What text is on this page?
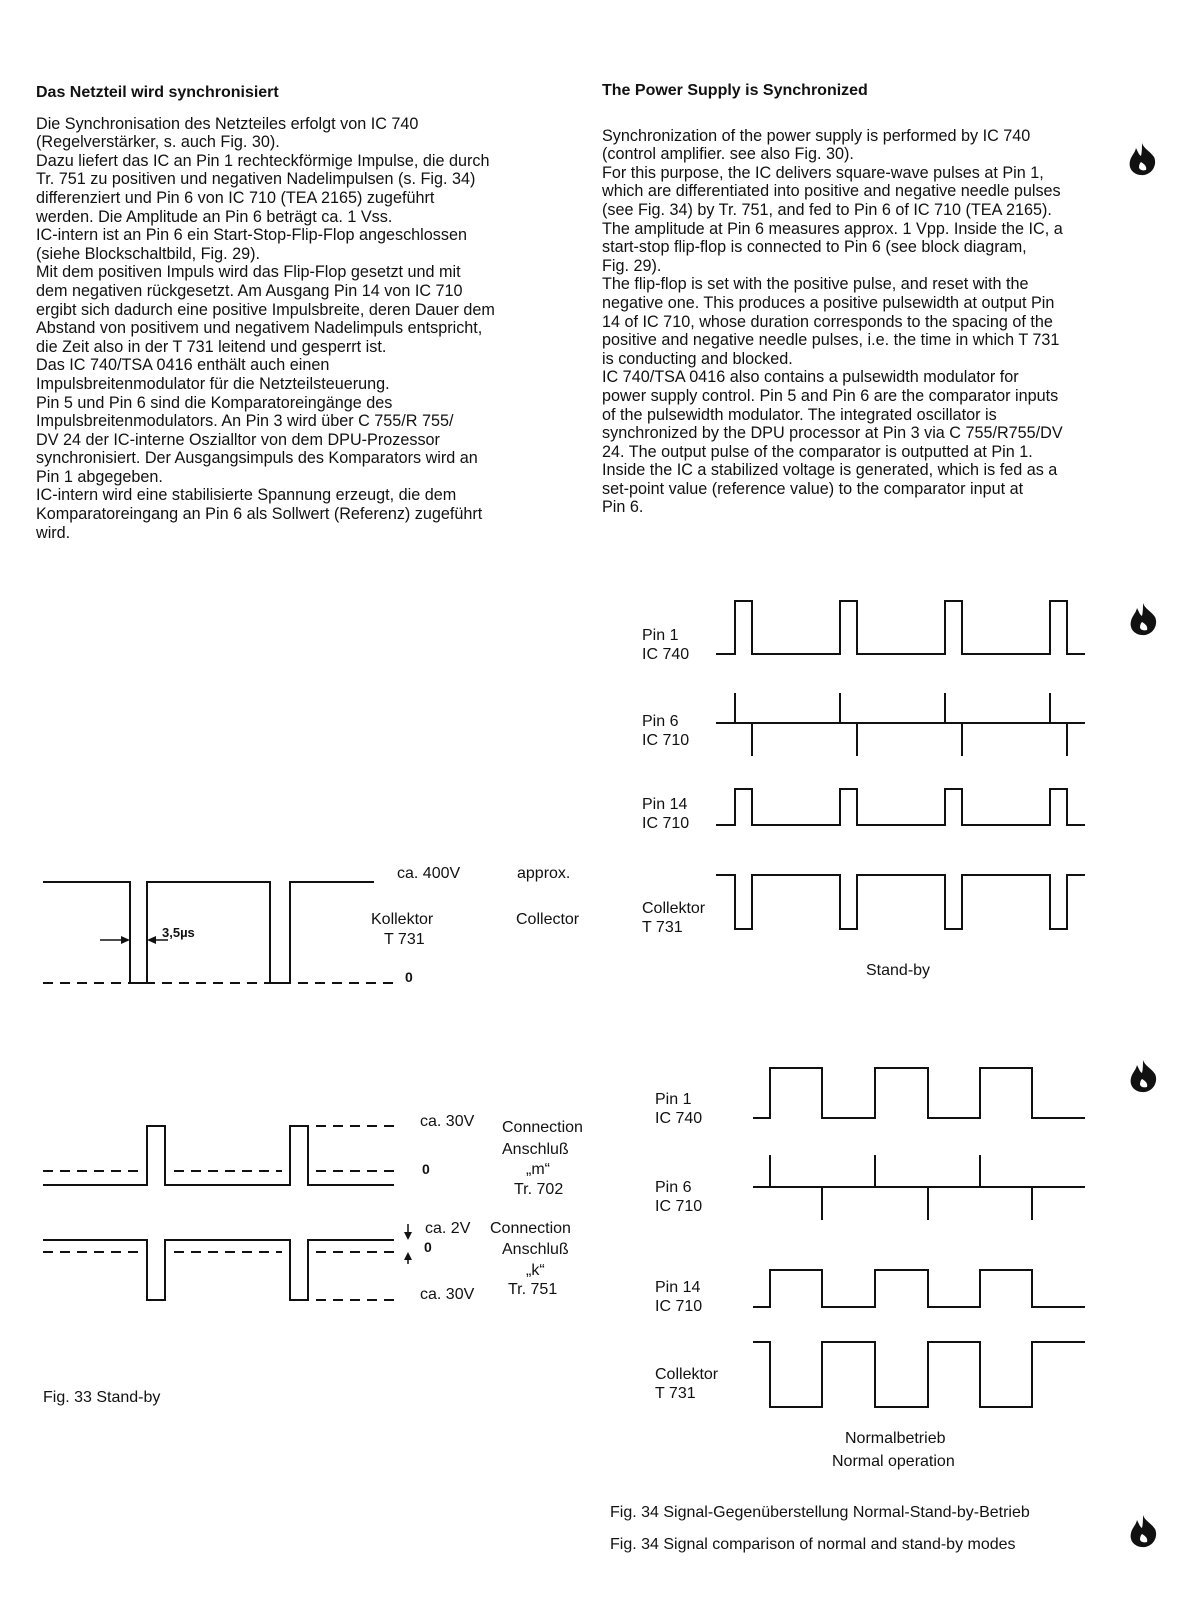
Das Netzteil wird synchronisiert

Die Synchronisation des Netzteiles erfolgt von IC 740
(Regelverstärker, s. auch Fig. 30).
Dazu liefert das IC an Pin 1 rechteckförmige Impulse, die durch
Tr. 751 zu positiven und negativen Nadelimpulsen (s. Fig. 34)
differenziert und Pin 6 von IC 710 (TEA 2165) zugeführt
werden. Die Amplitude an Pin 6 beträgt ca. 1 Vss.
IC-intern ist an Pin 6 ein Start-Stop-Flip-Flop angeschlossen
(siehe Blockschaltbild, Fig. 29).
Mit dem positiven Impuls wird das Flip-Flop gesetzt und mit
dem negativen rückgesetzt. Am Ausgang Pin 14 von IC 710
ergibt sich dadurch eine positive Impulsbreite, deren Dauer dem
Abstand von positivem und negativem Nadelimpuls entspricht,
die Zeit also in der T 731 leitend und gesperrt ist.
Das IC 740/TSA 0416 enthält auch einen
Impulsbreitenmodulator für die Netzteilsteuerung.
Pin 5 und Pin 6 sind die Komparatoreingänge des
Impulsbreitenmodulators. An Pin 3 wird über C 755/R 755/
DV 24 der IC-interne Oszialltor von dem DPU-Prozessor
synchronisiert. Der Ausgangsimpuls des Komparators wird an
Pin 1 abgegeben.
IC-intern wird eine stabilisierte Spannung erzeugt, die dem
Komparatoreingang an Pin 6 als Sollwert (Referenz) zugeführt
wird.

The Power Supply is Synchronized

Synchronization of the power supply is performed by IC 740
(control amplifier. see also Fig. 30).
For this purpose, the IC delivers square-wave pulses at Pin 1,
which are differentiated into positive and negative needle pulses
(see Fig. 34) by Tr. 751, and fed to Pin 6 of IC 710 (TEA 2165).
The amplitude at Pin 6 measures approx. 1 Vpp. Inside the IC, a
start-stop flip-flop is connected to Pin 6 (see block diagram,
Fig. 29).
The flip-flop is set with the positive pulse, and reset with the
negative one. This produces a positive pulsewidth at output Pin
14 of IC 710, whose duration corresponds to the spacing of the
positive and negative needle pulses, i.e. the time in which T 731
is conducting and blocked.
IC 740/TSA 0416 also contains a pulsewidth modulator for
power supply control. Pin 5 and Pin 6 are the comparator inputs
of the pulsewidth modulator. The integrated oscillator is
synchronized by the DPU processor at Pin 3 via C 755/R755/DV
24. The output pulse of the comparator is outputted at Pin 1.
Inside the IC a stabilized voltage is generated, which is fed as a
set-point value (reference value) to the comparator input at
Pin 6.

ca. 400V	approx.
Kollektor
T 731
Collector
3,5µs
0
ca. 30V
0
Connection
Anschluß
„m“
Tr. 702
ca. 2V
0
Connection
Anschluß
„k“
Tr. 751
ca. 30V
Fig. 33 Stand-by
Pin 1
IC 740
Pin 6
IC 710
Pin 14
IC 710
Collektor
T 731
Stand-by
Pin 1
IC 740
Pin 6
IC 710
Pin 14
IC 710
Collektor
T 731
Normalbetrieb
Normal operation
Fig. 34 Signal-Gegenüberstellung Normal-Stand-by-Betrieb
Fig. 34 Signal comparison of normal and stand-by modes
